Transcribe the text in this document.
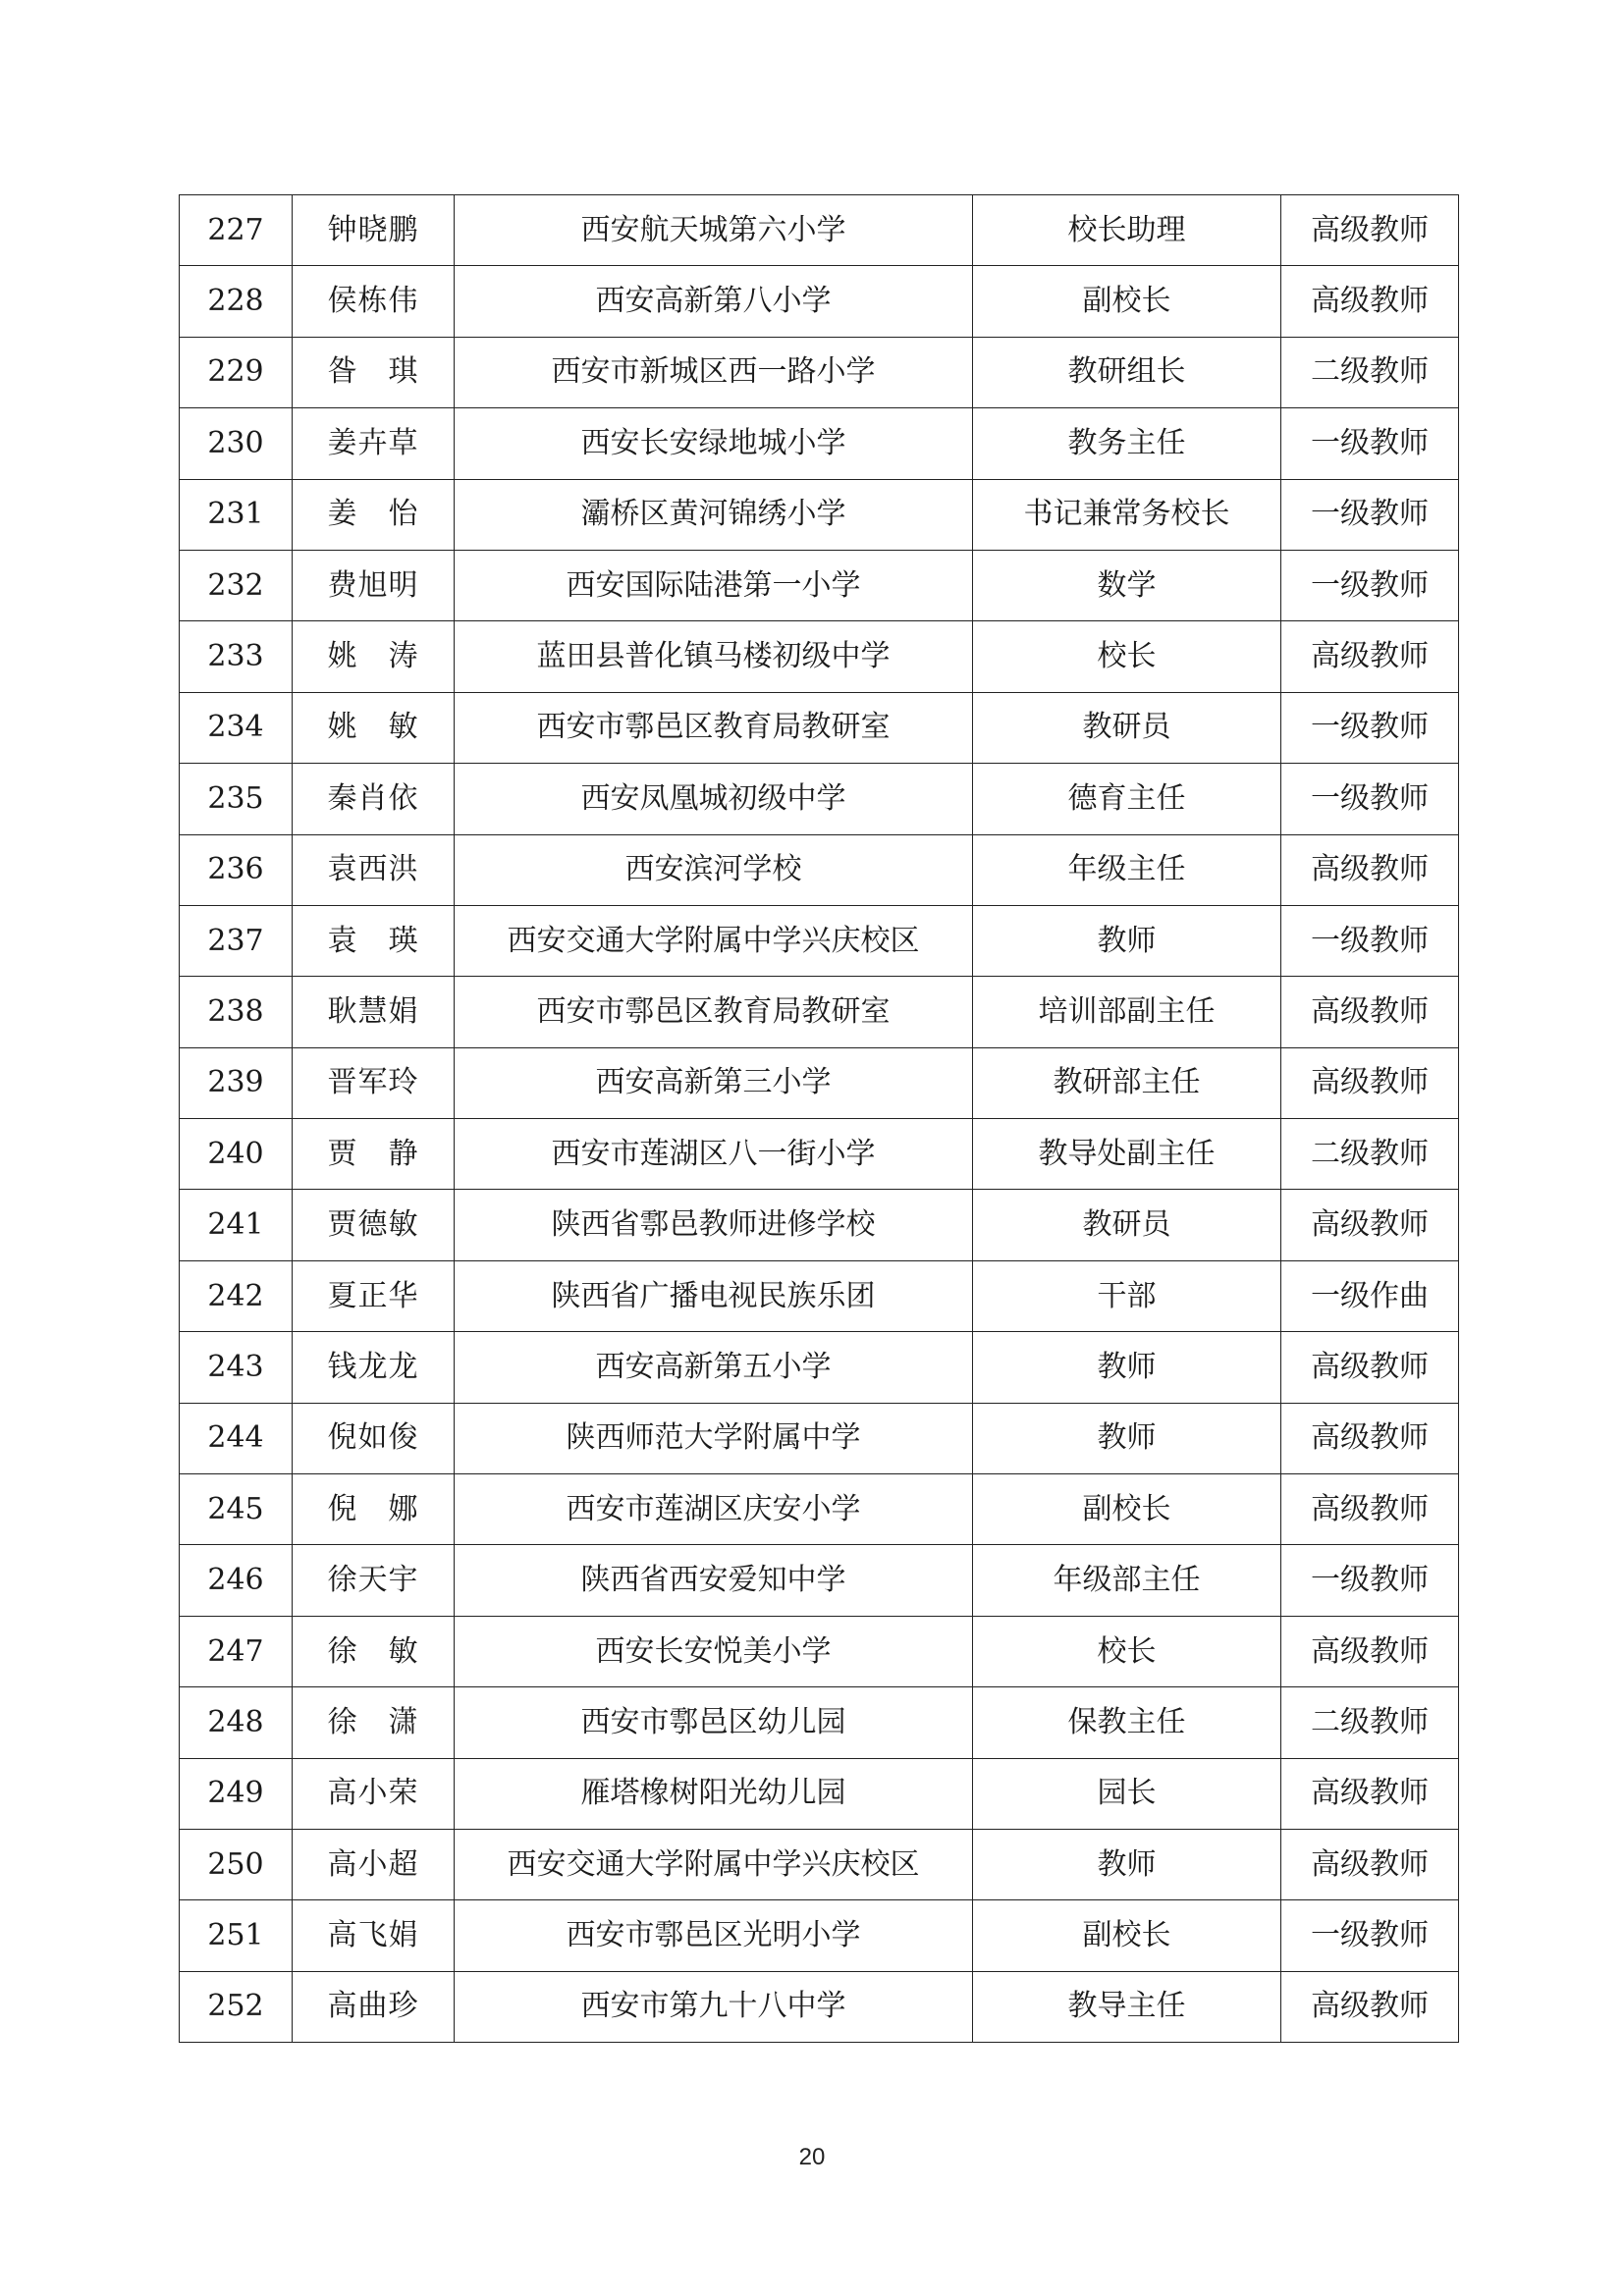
227	钟晓鹏	西安航天城第六小学	校长助理	高级教师
228	侯栋伟	西安高新第八小学	副校长	高级教师
229	昝　琪	西安市新城区西一路小学	教研组长	二级教师
230	姜卉草	西安长安绿地城小学	教务主任	一级教师
231	姜　怡	灞桥区黄河锦绣小学	书记兼常务校长	一级教师
232	费旭明	西安国际陆港第一小学	数学	一级教师
233	姚　涛	蓝田县普化镇马楼初级中学	校长	高级教师
234	姚　敏	西安市鄠邑区教育局教研室	教研员	一级教师
235	秦肖依	西安凤凰城初级中学	德育主任	一级教师
236	袁西洪	西安滨河学校	年级主任	高级教师
237	袁　瑛	西安交通大学附属中学兴庆校区	教师	一级教师
238	耿慧娟	西安市鄠邑区教育局教研室	培训部副主任	高级教师
239	晋军玲	西安高新第三小学	教研部主任	高级教师
240	贾　静	西安市莲湖区八一街小学	教导处副主任	二级教师
241	贾德敏	陕西省鄠邑教师进修学校	教研员	高级教师
242	夏正华	陕西省广播电视民族乐团	干部	一级作曲
243	钱龙龙	西安高新第五小学	教师	高级教师
244	倪如俊	陕西师范大学附属中学	教师	高级教师
245	倪　娜	西安市莲湖区庆安小学	副校长	高级教师
246	徐天宇	陕西省西安爱知中学	年级部主任	一级教师
247	徐　敏	西安长安悦美小学	校长	高级教师
248	徐　潇	西安市鄠邑区幼儿园	保教主任	二级教师
249	高小荣	雁塔橡树阳光幼儿园	园长	高级教师
250	高小超	西安交通大学附属中学兴庆校区	教师	高级教师
251	高飞娟	西安市鄠邑区光明小学	副校长	一级教师
252	高曲珍	西安市第九十八中学	教导主任	高级教师
20
